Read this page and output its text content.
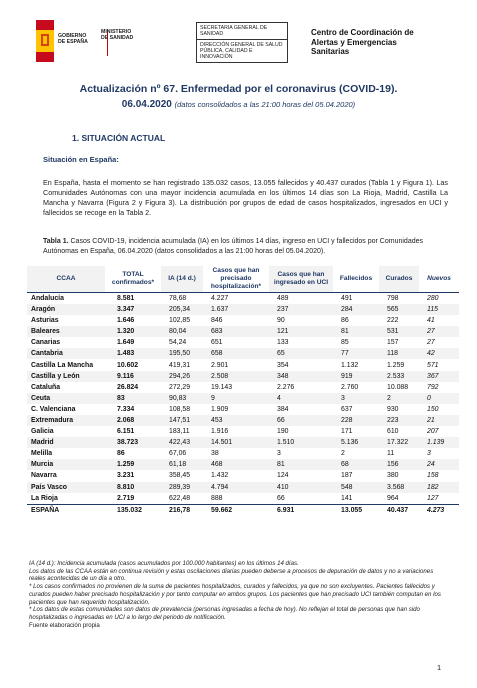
GOBIERNO
DE ESPAÑA
MINISTERIO
DE SANIDAD
SECRETARIA GENERAL DE SANIDAD
DIRECCIÓN GENERAL DE SALUD PÚBLICA, CALIDAD E INNOVACIÓN
Centro de Coordinación de
Alertas y Emergencias
Sanitarias
Actualización nº 67. Enfermedad por el coronavirus (COVID-19).
06.04.2020 (datos consolidados a las 21:00 horas del 05.04.2020)
1. SITUACIÓN ACTUAL
Situación en España:
En España, hasta el momento se han registrado 135.032 casos, 13.055 fallecidos y 40.437 curados (Tabla 1 y Figura 1). Las Comunidades Autónomas con una mayor incidencia acumulada en los últimos 14 días son La Rioja, Madrid, Castilla La Mancha y Navarra (Figura 2 y Figura 3). La distribución por grupos de edad de casos hospitalizados, ingresados en UCI y fallecidos se recoge en la Tabla 2.
Tabla 1. Casos COVID-19, incidencia acumulada (IA) en los últimos 14 días, ingreso en UCI y fallecidos por Comunidades Autónomas en España, 06.04.2020 (datos consolidados a las 21:00 horas del 05.04.2020).
CCAA	TOTAL confirmados*	IA (14 d.)	Casos que han precisado hospitalización*	Casos que han ingresado en UCI	Fallecidos	Curados	Nuevos
Andalucía	8.581	78,68	4.227	489	491	798	280
Aragón	3.347	205,34	1.637	237	284	565	115
Asturias	1.646	102,85	846	90	86	222	41
Baleares	1.320	80,04	683	121	81	531	27
Canarias	1.649	54,24	651	133	85	157	27
Cantabria	1.483	195,50	658	65	77	118	42
Castilla La Mancha	10.602	419,31	2.901	354	1.132	1.259	571
Castilla y León	9.116	294,26	2.508	348	919	2.533	367
Cataluña	26.824	272,29	19.143	2.276	2.760	10.088	792
Ceuta	83	90,83	9	4	3	2	0
C. Valenciana	7.334	108,58	1.909	384	637	930	150
Extremadura	2.068	147,51	453	66	228	223	21
Galicia	6.151	183,11	1.916	190	171	610	207
Madrid	38.723	422,43	14.501	1.510	5.136	17.322	1.139
Melilla	86	67,06	38	3	2	11	3
Murcia	1.259	61,18	468	81	68	156	24
Navarra	3.231	358,45	1.432	124	187	380	158
País Vasco	8.810	289,39	4.794	410	548	3.568	182
La Rioja	2.719	622,48	888	66	141	964	127
ESPAÑA	135.032	216,78	59.662	6.931	13.055	40.437	4.273

IA (14 d.): Incidencia acumulada (casos acumulados por 100.000 habitantes) en los últimos 14 días.

Los datos de las CCAA están en continua revisión y estas oscilaciones diarias pueden deberse a procesos de depuración de datos y no a variaciones reales acontecidas de un día a otro.

* Los casos confirmados no provienen de la suma de pacientes hospitalizados, curados y fallecidos, ya que no son excluyentes. Pacientes fallecidos y curados pueden haber precisado hospitalización y por tanto computar en ambos grupos. Los pacientes que han precisado UCI también computan en los pacientes que han requerido hospitalización.

* Los datos de estas comunidades son datos de prevalencia (personas ingresadas a fecha de hoy). No reflejan el total de personas que han sido hospitalizadas o ingresadas en UCI a lo largo del periodo de notificación.

Fuente elaboración propia

1
